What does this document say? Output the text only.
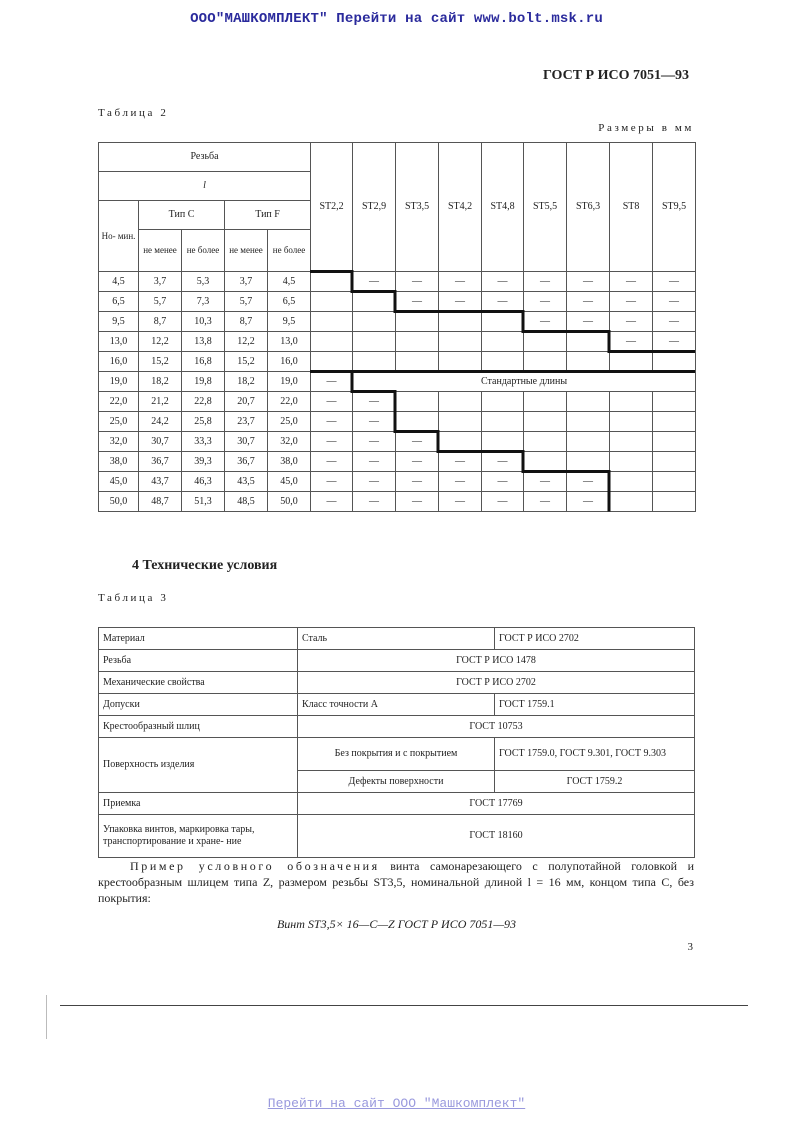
ООО"МАШКОМПЛЕКТ" Перейти на сайт www.bolt.msk.ru
ГОСТ Р ИСО 7051—93
Таблица 2
Размеры в мм
Резьба					ST2,2	ST2,9	ST3,5	ST4,2	ST4,8	ST5,5	ST6,3	ST8	ST9,5
l													
Но- мин.	Тип С		Тип F										
	не менее	не более	не менее	не более									
4,5	3,7	5,3	3,7	4,5		—	—	—	—	—	—	—	—
6,5	5,7	7,3	5,7	6,5			—	—	—	—	—	—	—
9,5	8,7	10,3	8,7	9,5						—	—	—	—
13,0	12,2	13,8	12,2	13,0								—	—
16,0	15,2	16,8	15,2	16,0									
19,0	18,2	19,8	18,2	19,0	—	Стандартные длины							
22,0	21,2	22,8	20,7	22,0	—	—							
25,0	24,2	25,8	23,7	25,0	—	—							
32,0	30,7	33,3	30,7	32,0	—	—	—						
38,0	36,7	39,3	36,7	38,0	—	—	—	—	—				
45,0	43,7	46,3	43,5	45,0	—	—	—	—	—	—	—		
50,0	48,7	51,3	48,5	50,0	—	—	—	—	—	—	—		
4 Технические условия
Таблица 3
Материал	Сталь	ГОСТ Р ИСО 2702
Резьба	ГОСТ Р ИСО 1478	
Механические свойства	ГОСТ Р ИСО 2702	
Допуски	Класс точности А	ГОСТ 1759.1
Крестообразный шлиц	ГОСТ 10753	
Поверхность изделия	Без покрытия и с покрытием	ГОСТ 1759.0, ГОСТ 9.301, ГОСТ 9.303
	Дефекты поверхности	ГОСТ 1759.2
Приемка	ГОСТ 17769	
Упаковка винтов, маркировка тары, транспортирование и хране- ние	ГОСТ 18160	
Пример условного обозначения винта самонарезающего с полупотайной головкой и крестообразным шлицем типа Z, размером резьбы ST3,5, номинальной длиной l = 16 мм, концом типа С, без покрытия:
Винт ST3,5× 16—С—Z ГОСТ Р ИСО 7051—93
3
Перейти на сайт ООО "Машкомплект"
